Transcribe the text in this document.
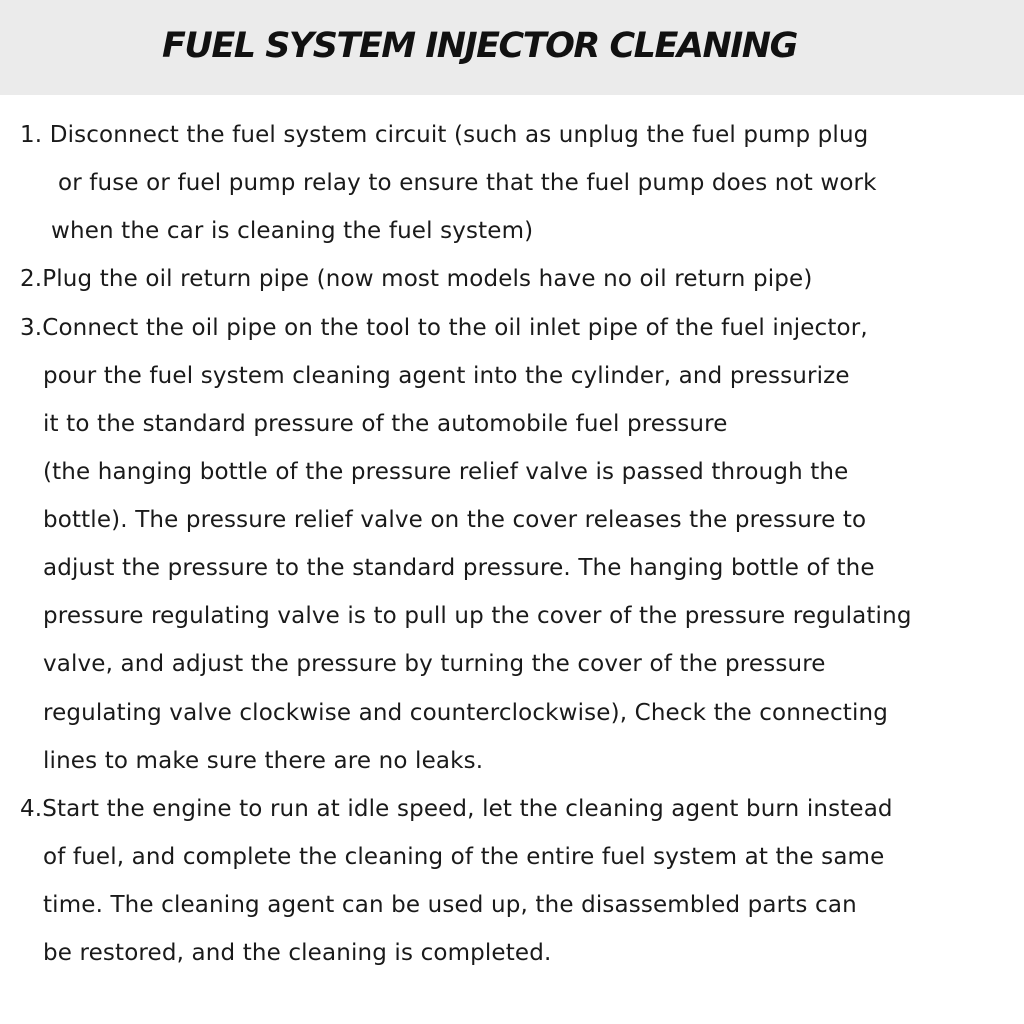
FUEL SYSTEM INJECTOR CLEANING
1. Disconnect the fuel system circuit (such as unplug the fuel pump plug
or fuse or fuel pump relay to ensure that the fuel pump does not work
when the car is cleaning the fuel system)
2.Plug the oil return pipe (now most models have no oil return pipe)
3.Connect the oil pipe on the tool to the oil inlet pipe of the fuel injector,
pour the fuel system cleaning agent into the cylinder, and pressurize
it to the standard pressure of the automobile fuel pressure
(the hanging bottle of the pressure relief valve is passed through the
bottle). The pressure relief valve on the cover releases the pressure to
adjust the pressure to the standard pressure. The hanging bottle of the
pressure regulating valve is to pull up the cover of the pressure regulating
valve, and adjust the pressure by turning the cover of the pressure
regulating valve clockwise and counterclockwise), Check the connecting
lines to make sure there are no leaks.
4.Start the engine to run at idle speed, let the cleaning agent burn instead
of fuel, and complete the cleaning of the entire fuel system at the same
time. The cleaning agent can be used up, the disassembled parts can
be restored, and the cleaning is completed.
